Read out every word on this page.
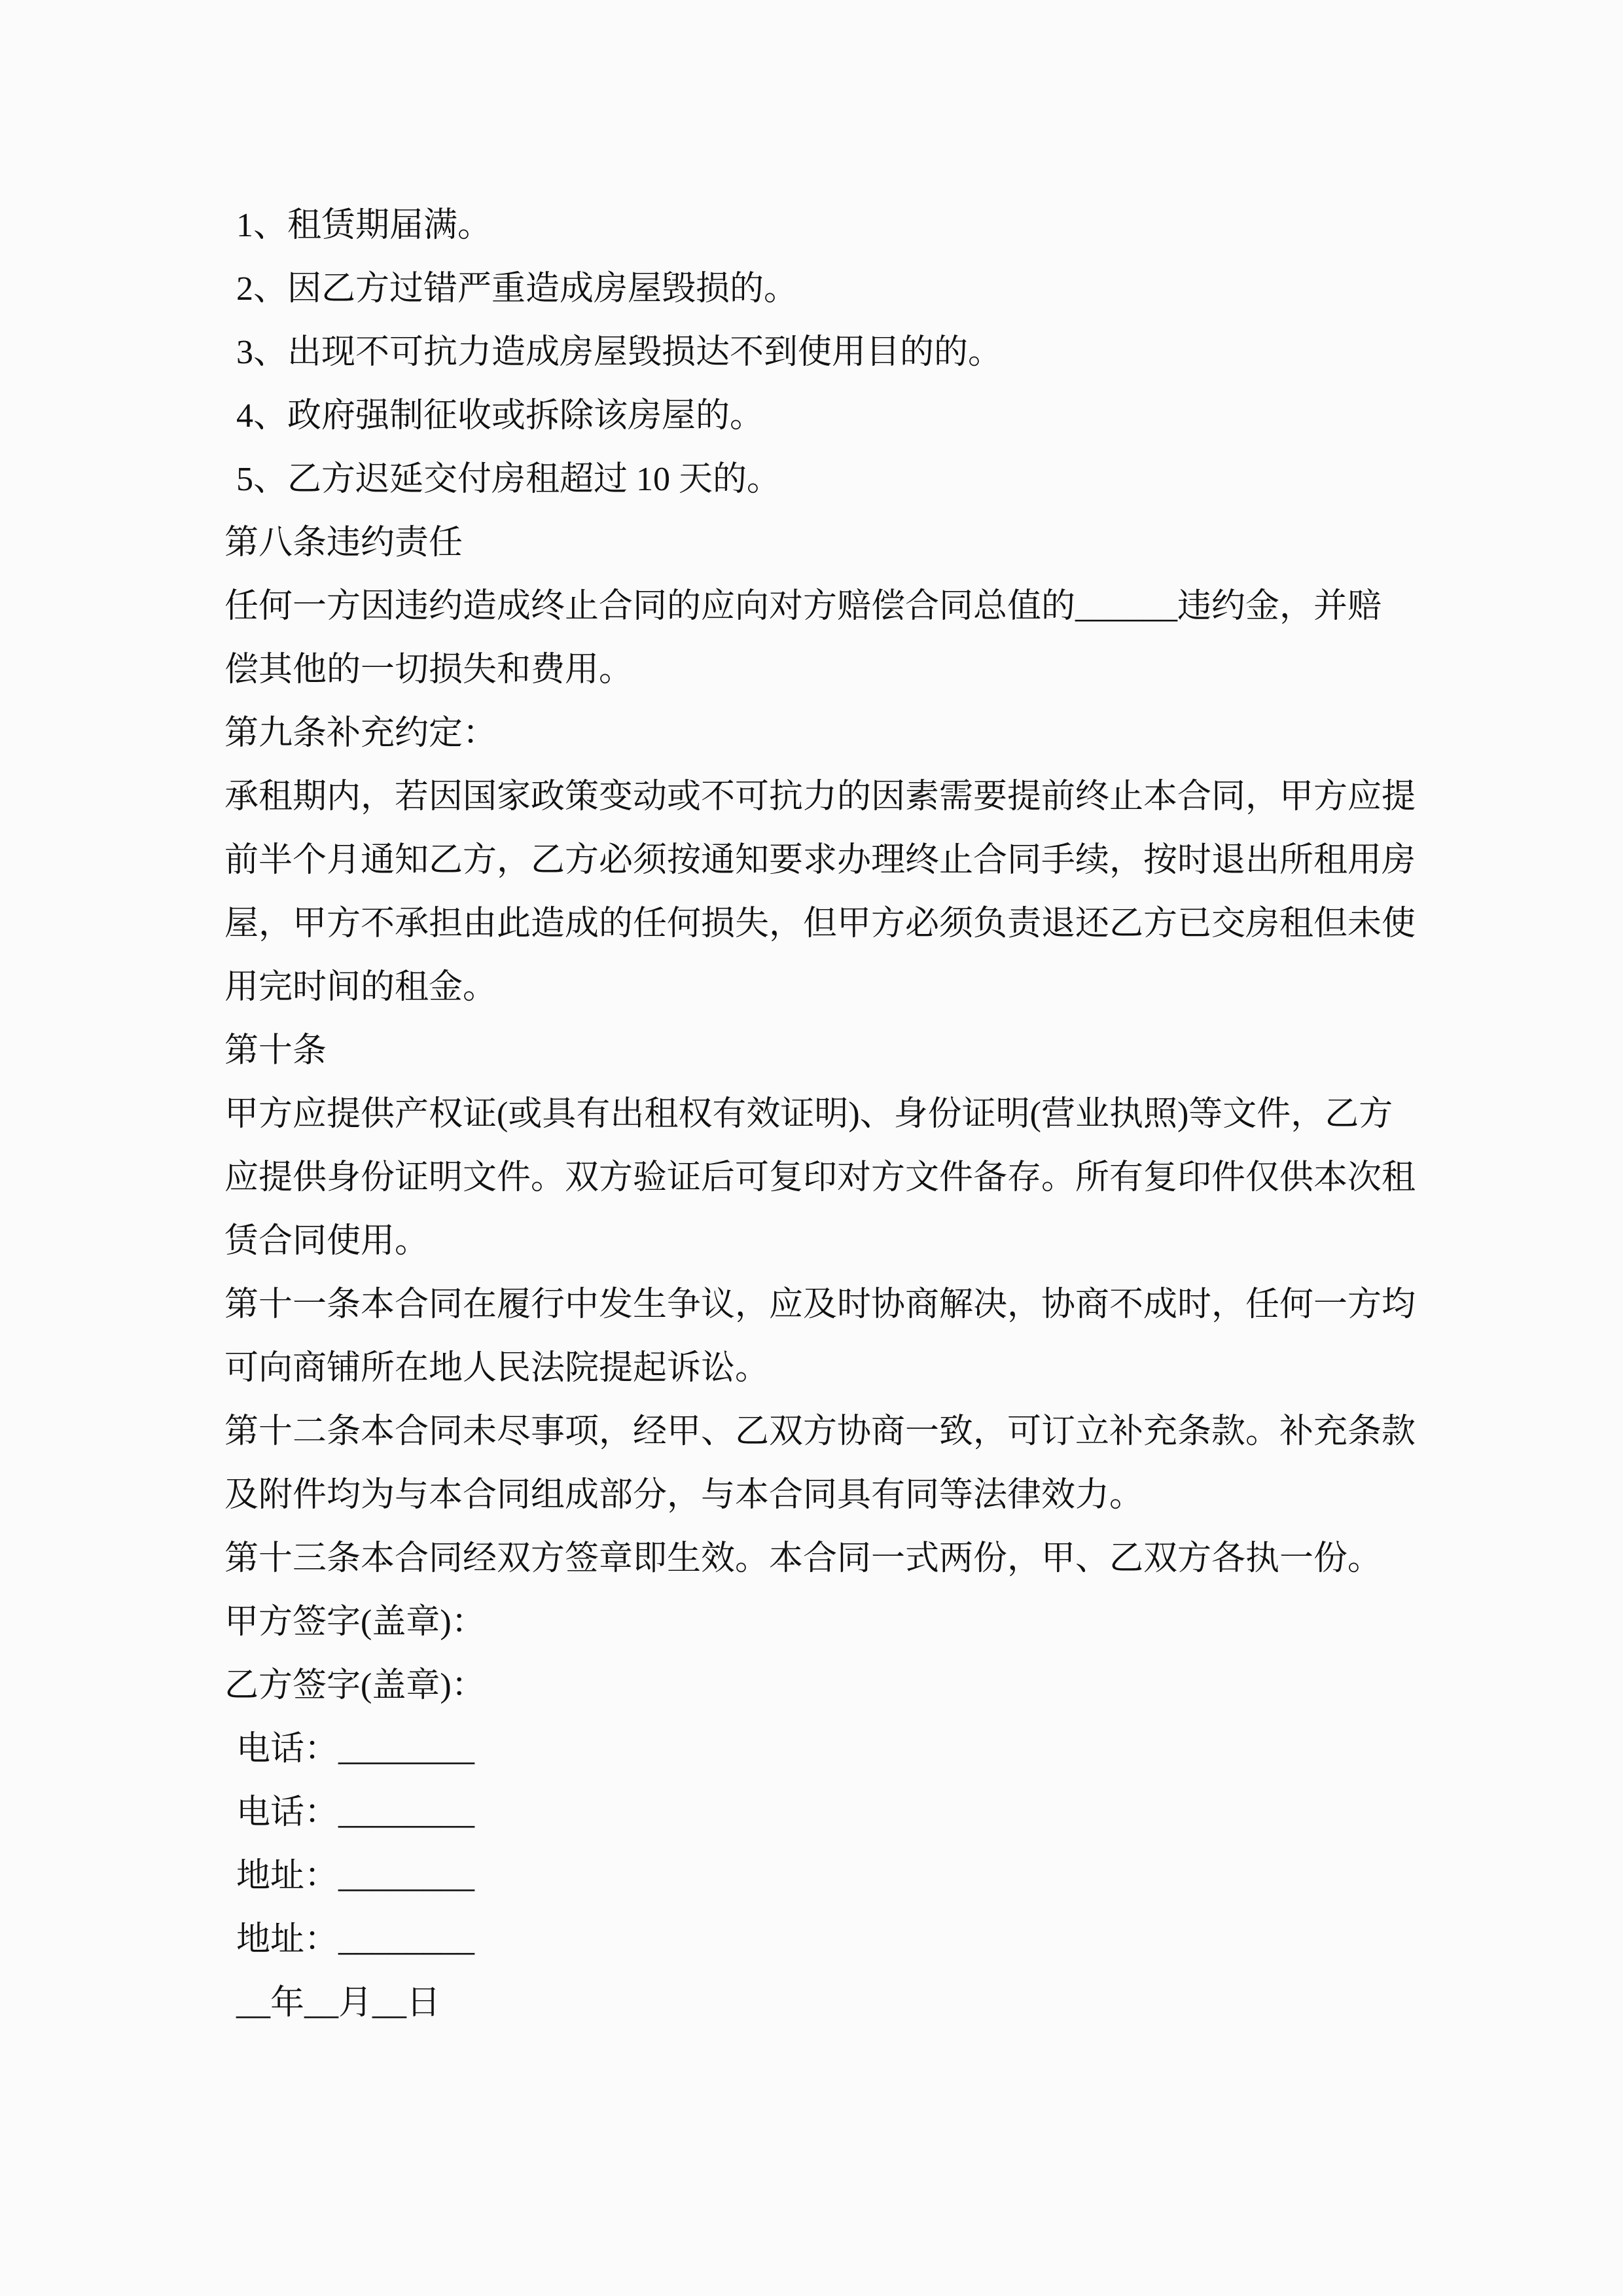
1、租赁期届满。
2、因乙方过错严重造成房屋毁损的。
3、出现不可抗力造成房屋毁损达不到使用目的的。
4、政府强制征收或拆除该房屋的。
5、乙方迟延交付房租超过 10 天的。
第八条违约责任
任何一方因违约造成终止合同的应向对方赔偿合同总值的______违约金，并赔
偿其他的一切损失和费用。
第九条补充约定：
承租期内，若因国家政策变动或不可抗力的因素需要提前终止本合同，甲方应提
前半个月通知乙方，乙方必须按通知要求办理终止合同手续，按时退出所租用房
屋，甲方不承担由此造成的任何损失，但甲方必须负责退还乙方已交房租但未使
用完时间的租金。
第十条
甲方应提供产权证(或具有出租权有效证明)、身份证明(营业执照)等文件，乙方
应提供身份证明文件。双方验证后可复印对方文件备存。所有复印件仅供本次租
赁合同使用。
第十一条本合同在履行中发生争议，应及时协商解决，协商不成时，任何一方均
可向商铺所在地人民法院提起诉讼。
第十二条本合同未尽事项，经甲、乙双方协商一致，可订立补充条款。补充条款
及附件均为与本合同组成部分，与本合同具有同等法律效力。
第十三条本合同经双方签章即生效。本合同一式两份，甲、乙双方各执一份。
甲方签字(盖章)：
乙方签字(盖章)：
电话：________
电话：________
地址：________
地址：________
__年__月__日
